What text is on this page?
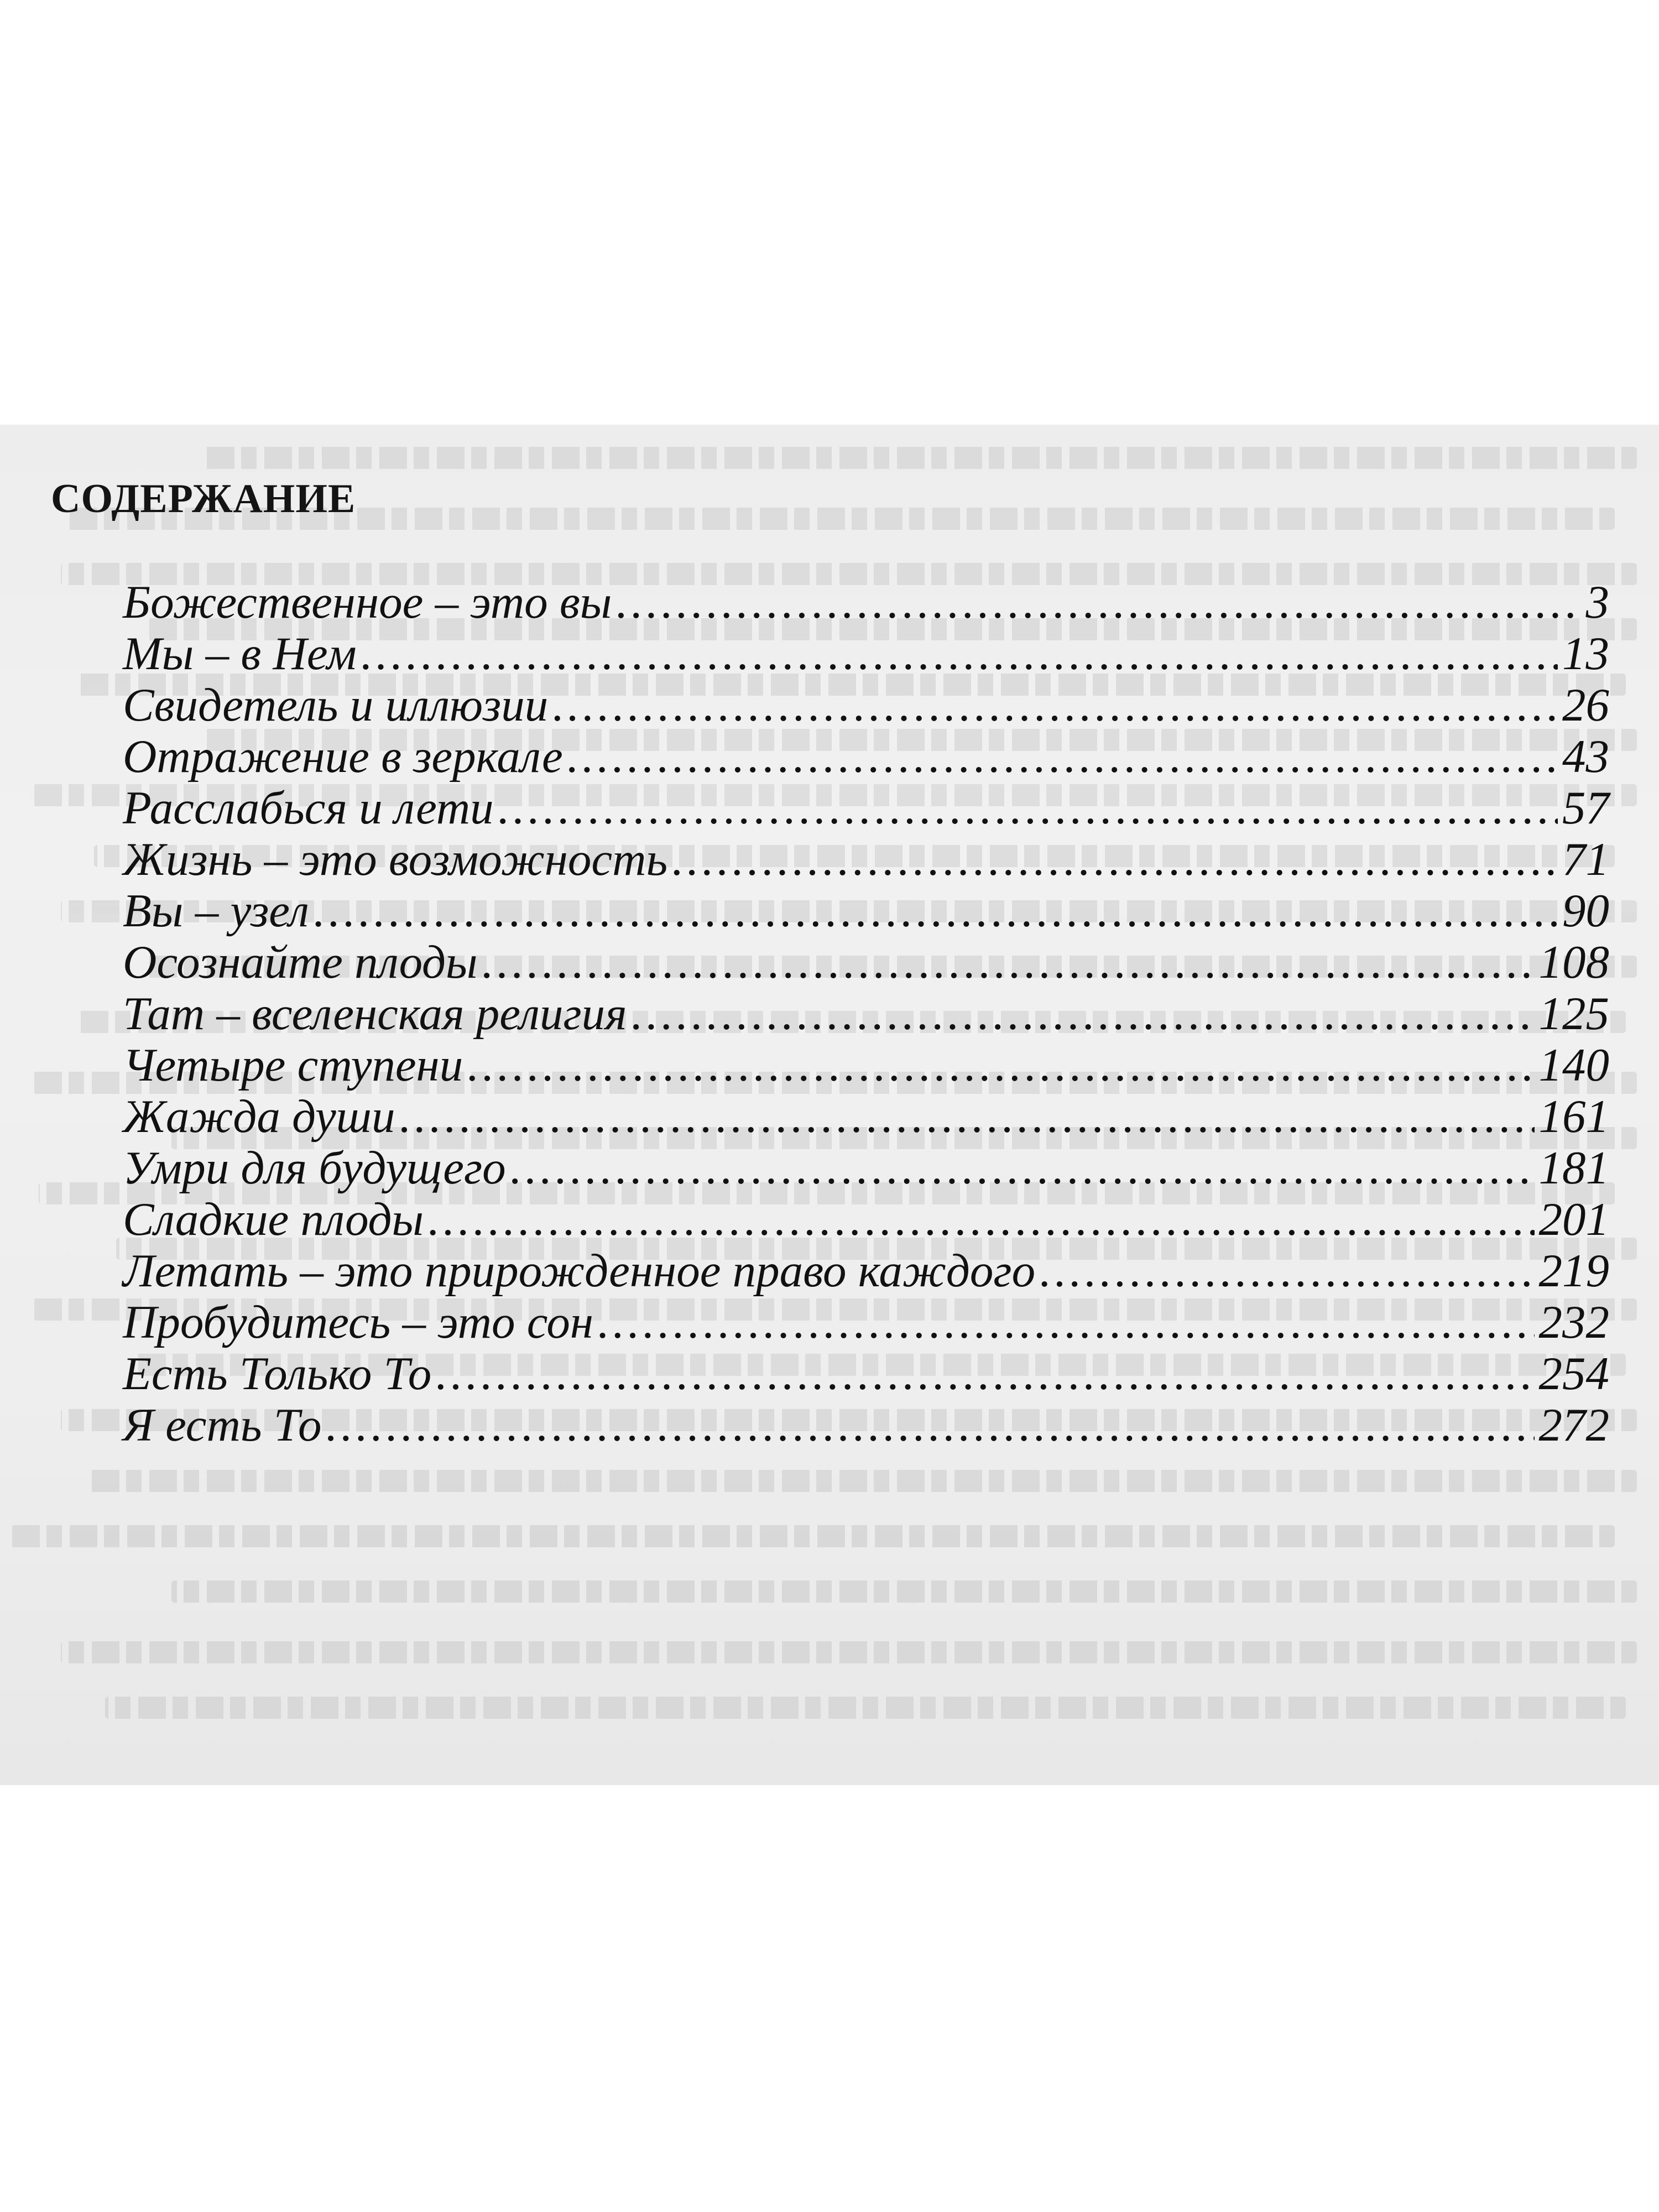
СОДЕРЖАНИЕ
Божественное – это вы .....	3
Мы – в Нем .....	13
Свидетель и иллюзии .....	26
Отражение в зеркале .....	43
Расслабься и лети .....	57
Жизнь – это возможность .....	71
Вы – узел .....	90
Осознайте плоды .....	108
Тат – вселенская религия .....	125
Четыре ступени .....	140
Жажда души .....	161
Умри для будущего .....	181
Сладкие плоды .....	201
Летать – это прирожденное право каждого .....	219
Пробудитесь – это сон .....	232
Есть Только То .....	254
Я есть То .....	272
